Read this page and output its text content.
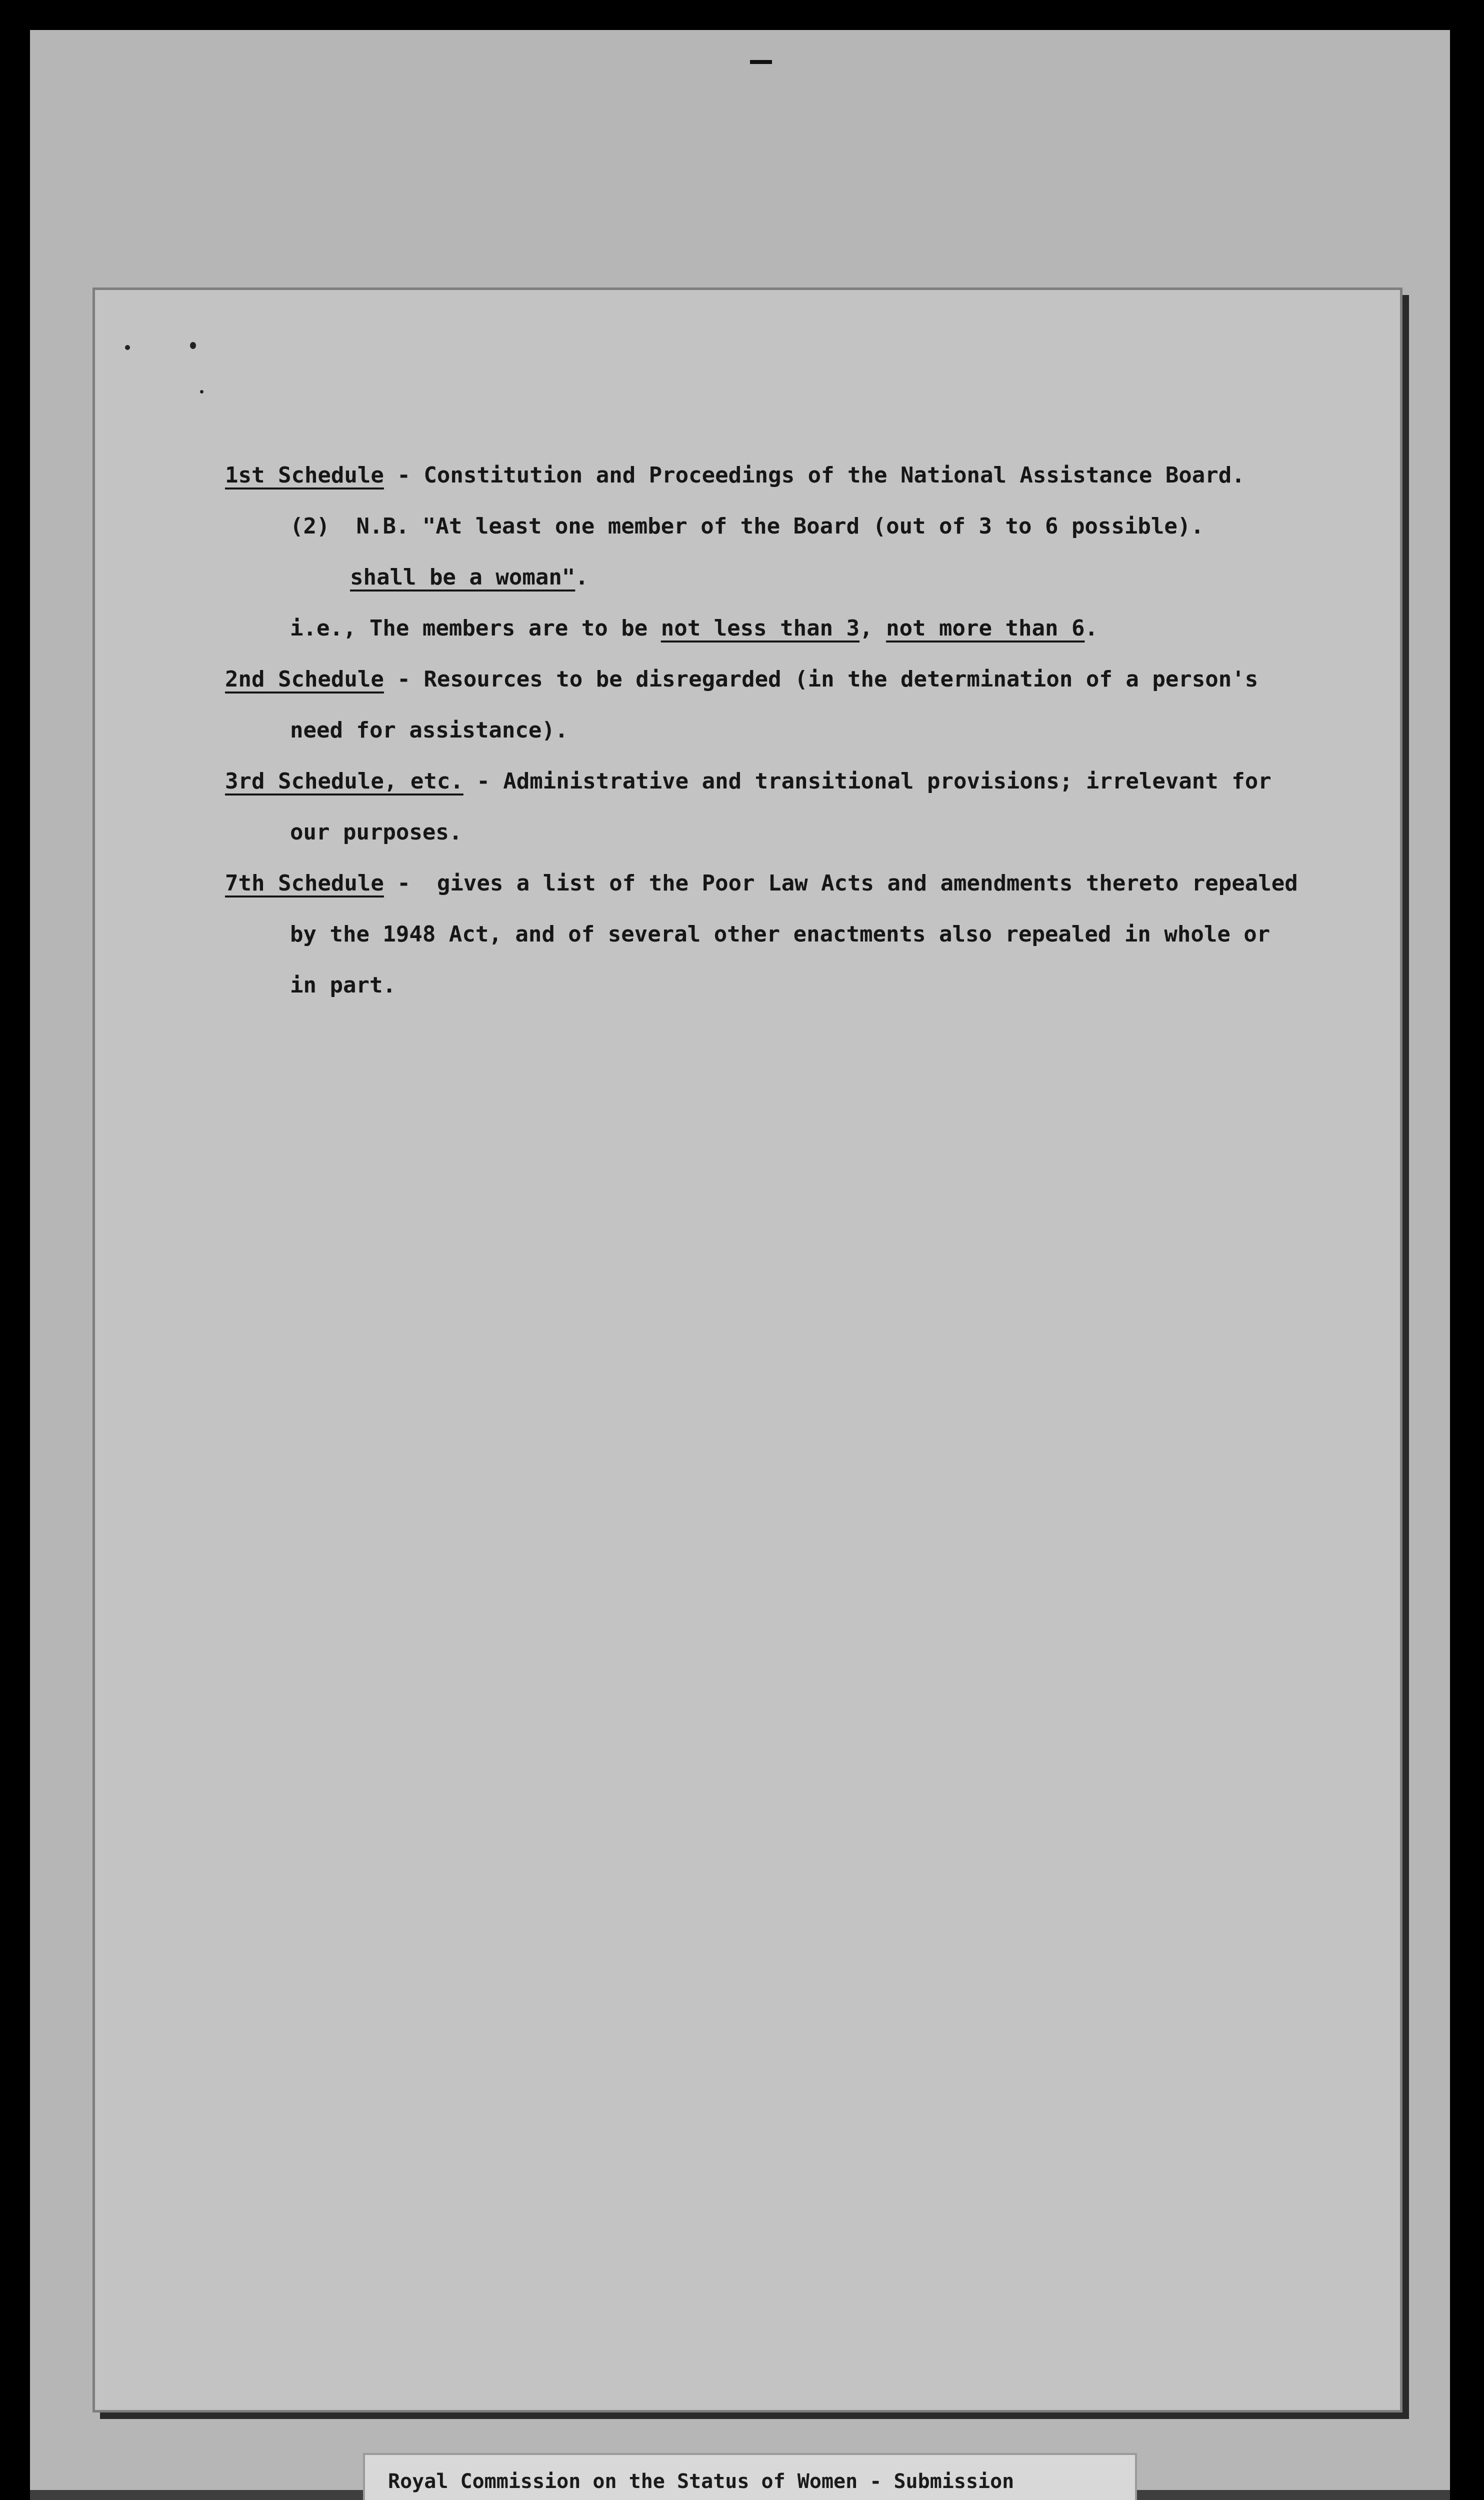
1st Schedule - Constitution and Proceedings of the National Assistance Board.
(2)  N.B. "At least one member of the Board (out of 3 to 6 possible).
shall be a woman".
i.e., The members are to be not less than 3, not more than 6.
2nd Schedule - Resources to be disregarded (in the determination of a person's
need for assistance).
3rd Schedule, etc. - Administrative and transitional provisions; irrelevant for
our purposes.
7th Schedule -  gives a list of the Poor Law Acts and amendments thereto repealed
by the 1948 Act, and of several other enactments also repealed in whole or
in part.
Royal Commission on the Status of Women - Submission
